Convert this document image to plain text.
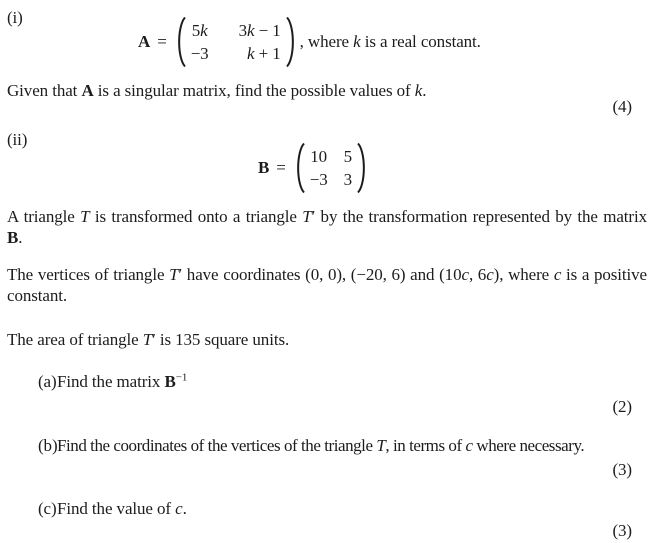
(i)
A =
5k 3k − 1
−3 k + 1
, where k is a real constant.
Given that A is a singular matrix, find the possible values of k.
(4)
(ii)
B =
10 5
−3 3
A triangle T is transformed onto a triangle T′ by the transformation represented by the matrix B.
The vertices of triangle T′ have coordinates (0, 0), (−20, 6) and (10c, 6c), where c is a positive constant.
The area of triangle T′ is 135 square units.
(a) Find the matrix $B^{-1}$
(2)
(b) Find the coordinates of the vertices of the triangle T, in terms of c where necessary.
(3)
(c) Find the value of c.
(3)
